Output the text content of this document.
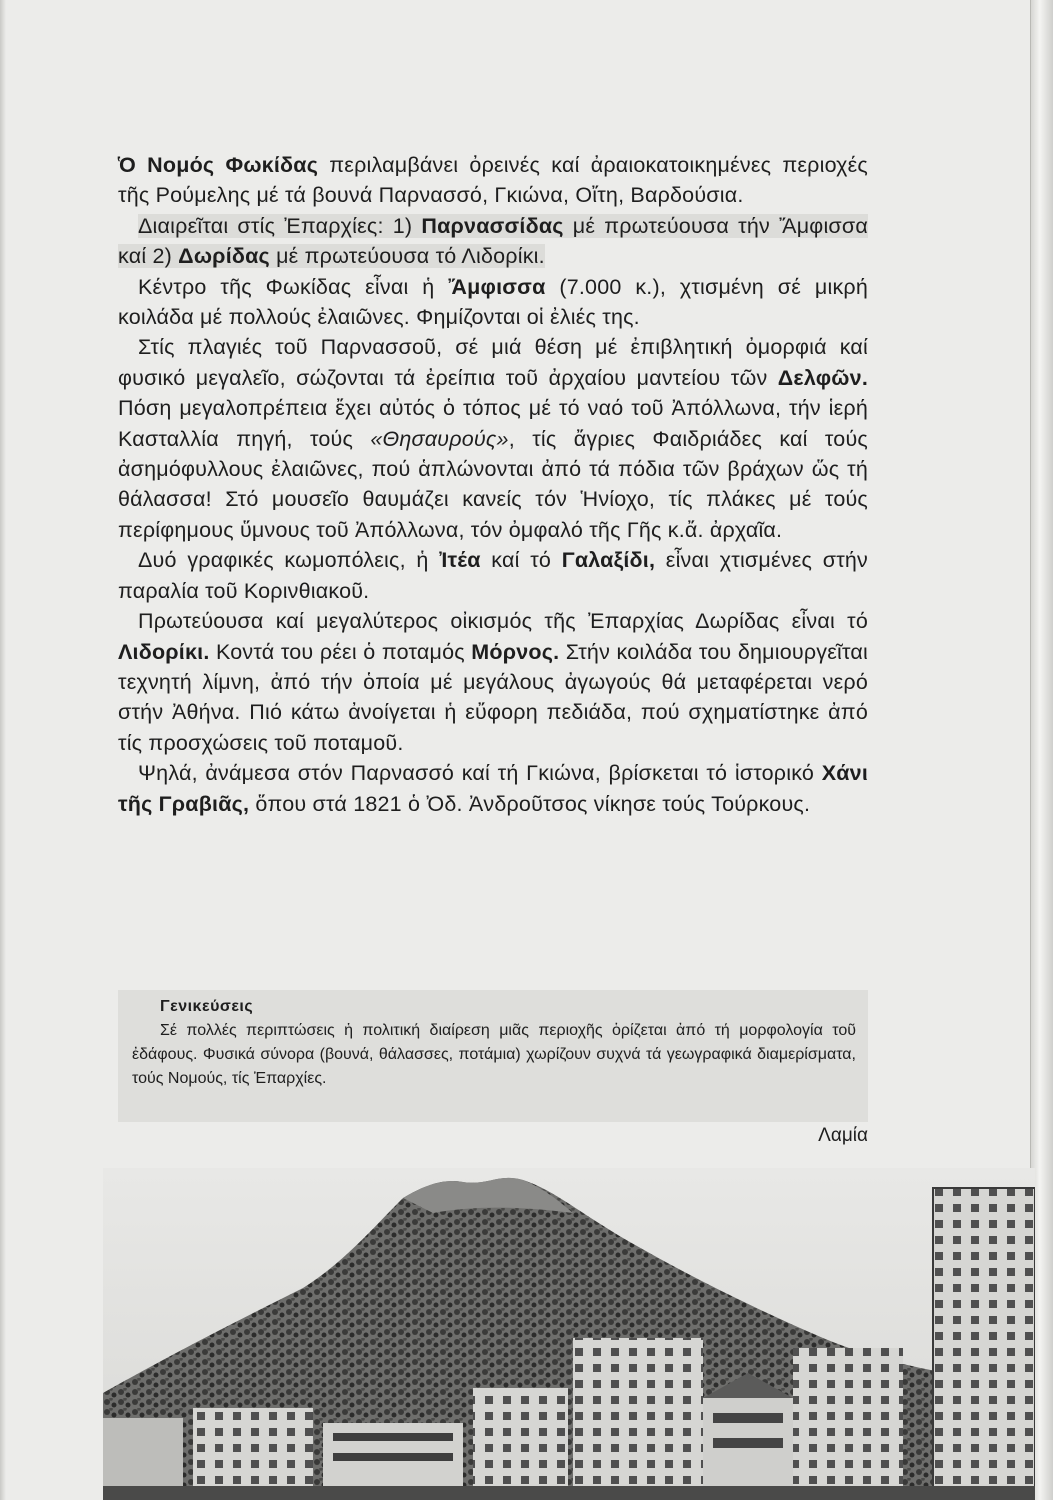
Ὁ Νομός Φωκίδας περιλαμβάνει ὀρεινές καί ἀραιοκατοικημένες περιοχές τῆς Ρούμελης μέ τά βουνά Παρνασσό, Γκιώνα, Οἴτη, Βαρδούσια.

Διαιρεῖται στίς Ἐπαρχίες: 1) Παρνασσίδας μέ πρωτεύουσα τήν Ἄμφισσα καί 2) Δωρίδας μέ πρωτεύουσα τό Λιδορίκι.

Κέντρο τῆς Φωκίδας εἶναι ἡ Ἄμφισσα (7.000 κ.), χτισμένη σέ μικρή κοιλάδα μέ πολλούς ἐλαιῶνες. Φημίζονται οἱ ἐλιές της.

Στίς πλαγιές τοῦ Παρνασσοῦ, σέ μιά θέση μέ ἐπιβλητική ὀμορφιά καί φυσικό μεγαλεῖο, σώζονται τά ἐρείπια τοῦ ἀρχαίου μαντείου τῶν Δελφῶν. Πόση μεγαλοπρέπεια ἔχει αὐτός ὁ τόπος μέ τό ναό τοῦ Ἀπόλλωνα, τήν ἱερή Κασταλλία πηγή, τούς «Θησαυρούς», τίς ἄγριες Φαιδριάδες καί τούς ἀσημόφυλλους ἐλαιῶνες, πού ἁπλώνονται ἀπό τά πόδια τῶν βράχων ὥς τή θάλασσα! Στό μουσεῖο θαυμάζει κανείς τόν Ἡνίοχο, τίς πλάκες μέ τούς περίφημους ὕμνους τοῦ Ἀπόλλωνα, τόν ὀμφαλό τῆς Γῆς κ.ἄ. ἀρχαῖα.

Δυό γραφικές κωμοπόλεις, ἡ Ἰτέα καί τό Γαλαξίδι, εἶναι χτισμένες στήν παραλία τοῦ Κορινθιακοῦ.

Πρωτεύουσα καί μεγαλύτερος οἰκισμός τῆς Ἐπαρχίας Δωρίδας εἶναι τό Λιδορίκι. Κοντά του ρέει ὁ ποταμός Μόρνος. Στήν κοιλάδα του δημιουργεῖται τεχνητή λίμνη, ἀπό τήν ὁποία μέ μεγάλους ἀγωγούς θά μεταφέρεται νερό στήν Ἀθήνα. Πιό κάτω ἀνοίγεται ἡ εὔφορη πεδιάδα, πού σχηματίστηκε ἀπό τίς προσχώσεις τοῦ ποταμοῦ.

Ψηλά, ἀνάμεσα στόν Παρνασσό καί τή Γκιώνα, βρίσκεται τό ἱστορικό Χάνι τῆς Γραβιᾶς, ὅπου στά 1821 ὁ Ὀδ. Ἀνδροῦτσος νίκησε τούς Τούρκους.

Γενικεύσεις
Σέ πολλές περιπτώσεις ἡ πολιτική διαίρεση μιᾶς περιοχῆς ὁρίζεται ἀπό τή μορφολογία τοῦ ἐδάφους. Φυσικά σύνορα (βουνά, θάλασσες, ποτάμια) χωρίζουν συχνά τά γεωγραφικά διαμερίσματα, τούς Νομούς, τίς Ἐπαρχίες.
Λαμία
